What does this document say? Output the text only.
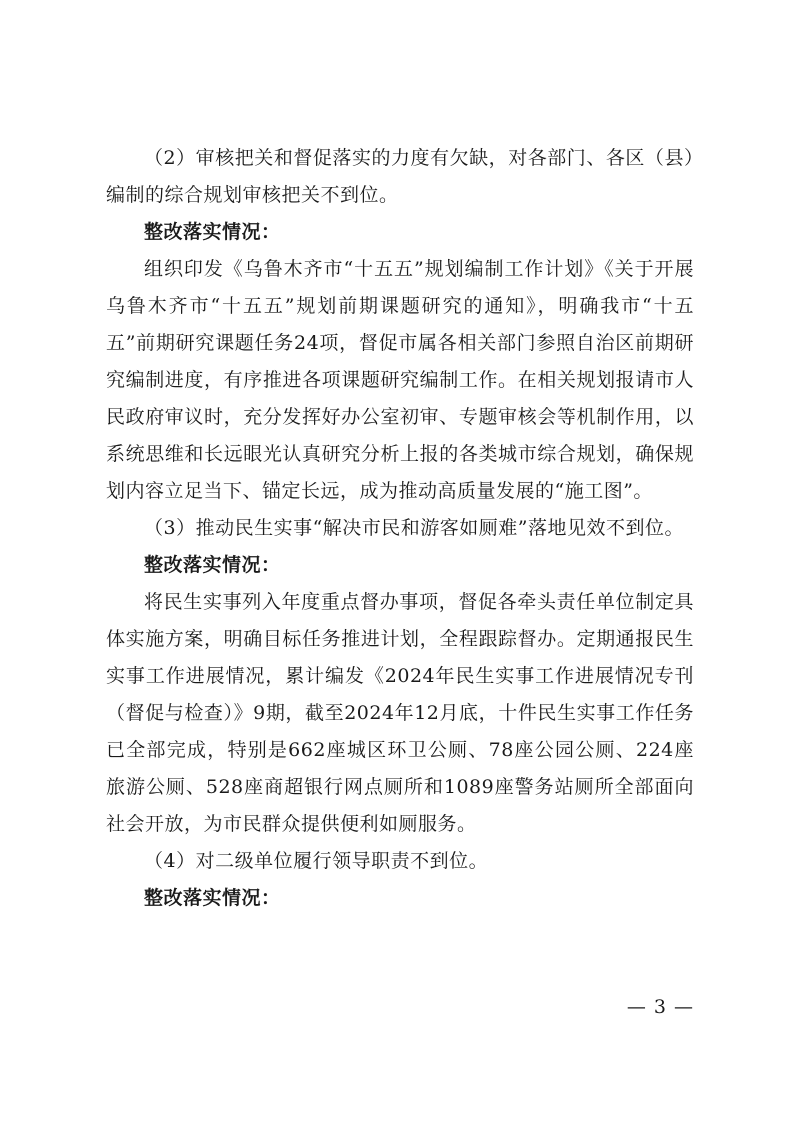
（2）审核把关和督促落实的力度有欠缺，对各部门、各区（县）编制的综合规划审核把关不到位。

整改落实情况：

组织印发《乌鲁木齐市“十五五”规划编制工作计划》《关于开展乌鲁木齐市“十五五”规划前期课题研究的通知》，明确我市“十五五”前期研究课题任务24项，督促市属各相关部门参照自治区前期研究编制进度，有序推进各项课题研究编制工作。在相关规划报请市人民政府审议时，充分发挥好办公室初审、专题审核会等机制作用，以系统思维和长远眼光认真研究分析上报的各类城市综合规划，确保规划内容立足当下、锚定长远，成为推动高质量发展的“施工图”。

（3）推动民生实事“解决市民和游客如厕难”落地见效不到位。

整改落实情况：

将民生实事列入年度重点督办事项，督促各牵头责任单位制定具体实施方案，明确目标任务推进计划，全程跟踪督办。定期通报民生实事工作进展情况，累计编发《2024年民生实事工作进展情况专刊（督促与检查）》9期，截至2024年12月底，十件民生实事工作任务已全部完成，特别是662座城区环卫公厕、78座公园公厕、224座旅游公厕、528座商超银行网点厕所和1089座警务站厕所全部面向社会开放，为市民群众提供便利如厕服务。

（4）对二级单位履行领导职责不到位。

整改落实情况：

— 3 —
